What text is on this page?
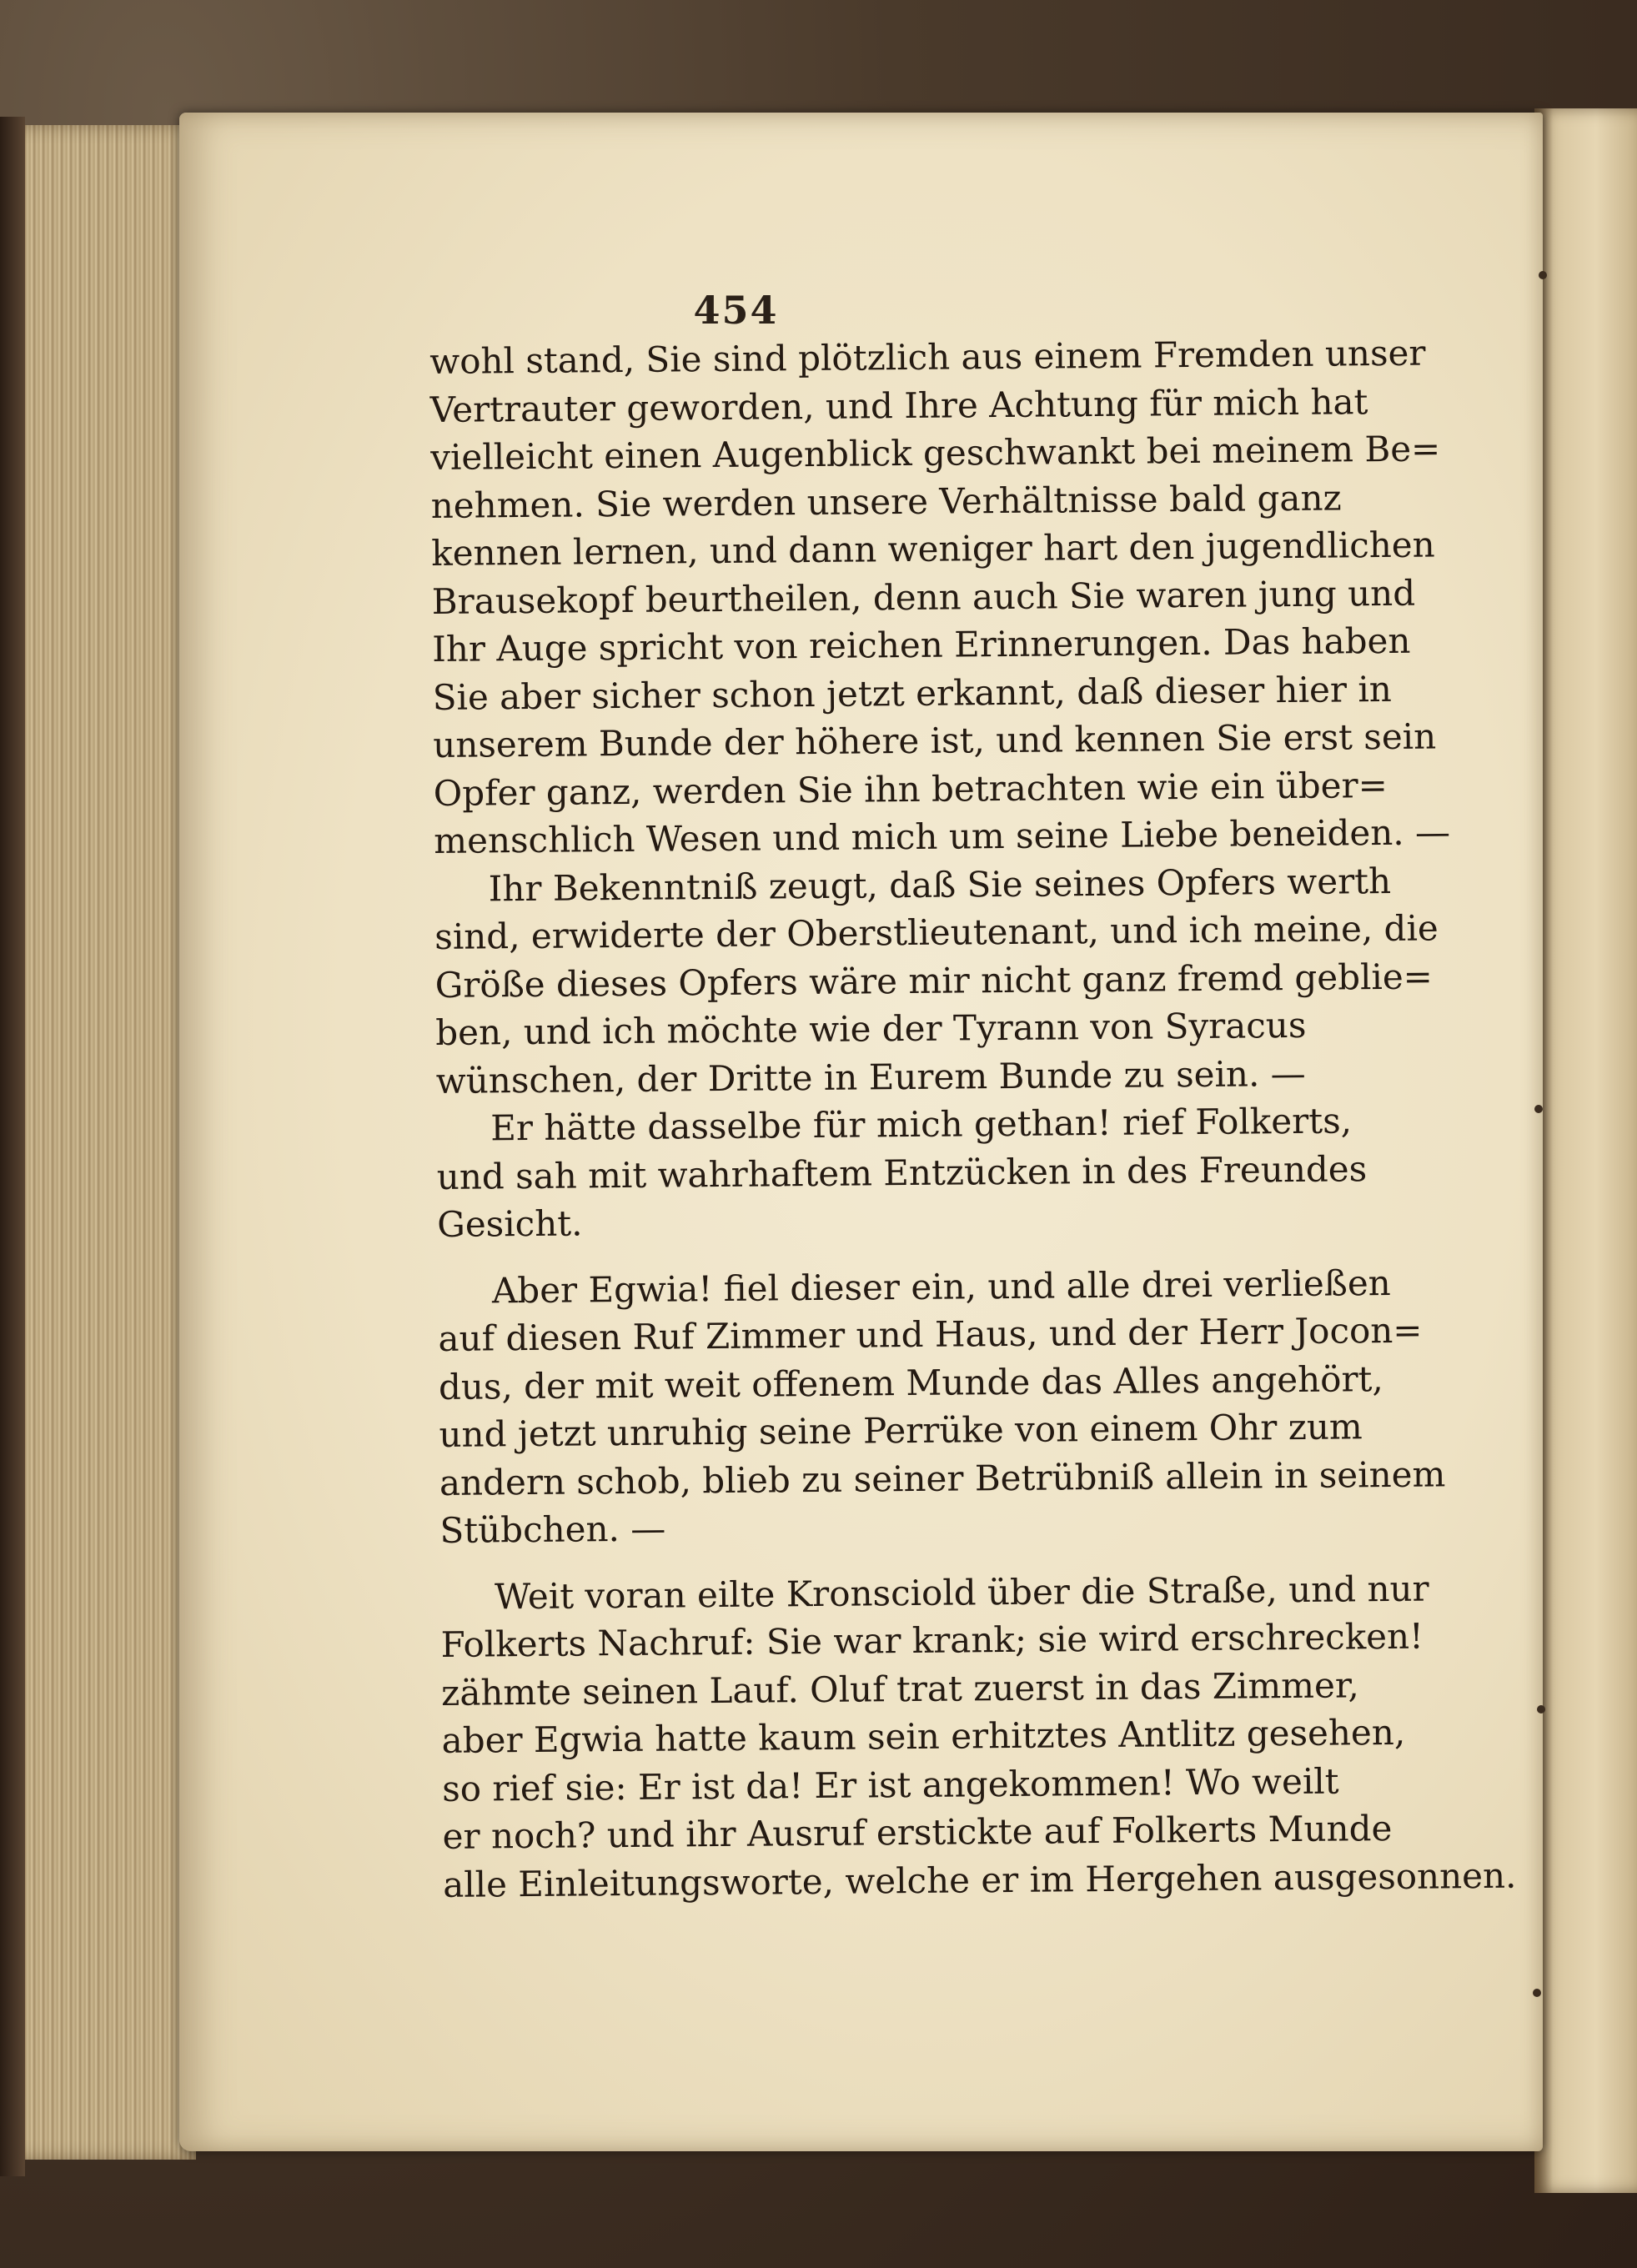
454
wohl stand, Sie sind plötzlich aus einem Fremden unser
Vertrauter geworden, und Ihre Achtung für mich hat
vielleicht einen Augenblick geschwankt bei meinem Be=
nehmen. Sie werden unsere Verhältnisse bald ganz
kennen lernen, und dann weniger hart den jugendlichen
Brausekopf beurtheilen, denn auch Sie waren jung und
Ihr Auge spricht von reichen Erinnerungen. Das haben
Sie aber sicher schon jetzt erkannt, daß dieser hier in
unserem Bunde der höhere ist, und kennen Sie erst sein
Opfer ganz, werden Sie ihn betrachten wie ein über=
menschlich Wesen und mich um seine Liebe beneiden. —
Ihr Bekenntniß zeugt, daß Sie seines Opfers werth
sind, erwiderte der Oberstlieutenant, und ich meine, die
Größe dieses Opfers wäre mir nicht ganz fremd geblie=
ben, und ich möchte wie der Tyrann von Syracus
wünschen, der Dritte in Eurem Bunde zu sein. —
Er hätte dasselbe für mich gethan! rief Folkerts,
und sah mit wahrhaftem Entzücken in des Freundes
Gesicht.
Aber Egwia! fiel dieser ein, und alle drei verließen
auf diesen Ruf Zimmer und Haus, und der Herr Jocon=
dus, der mit weit offenem Munde das Alles angehört,
und jetzt unruhig seine Perrüke von einem Ohr zum
andern schob, blieb zu seiner Betrübniß allein in seinem
Stübchen. —
Weit voran eilte Kronsciold über die Straße, und nur
Folkerts Nachruf: Sie war krank; sie wird erschrecken!
zähmte seinen Lauf. Oluf trat zuerst in das Zimmer,
aber Egwia hatte kaum sein erhitztes Antlitz gesehen,
so rief sie: Er ist da! Er ist angekommen! Wo weilt
er noch? und ihr Ausruf erstickte auf Folkerts Munde
alle Einleitungsworte, welche er im Hergehen ausgesonnen.
